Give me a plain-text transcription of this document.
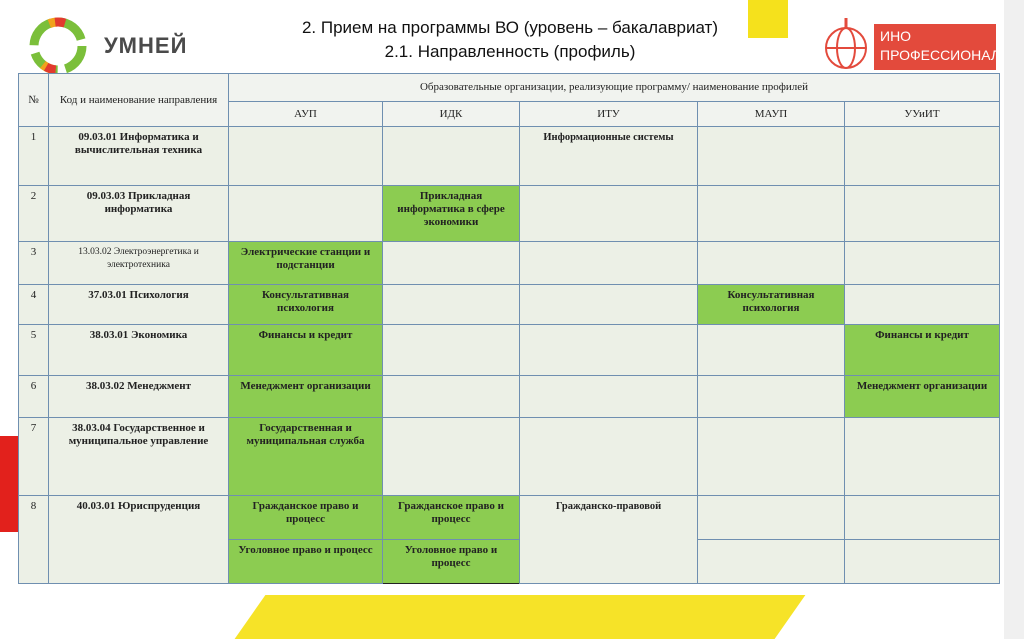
УМНЕЙ	ИНО
ПРОФЕССИОНАЛ
2. Прием на программы ВО (уровень – бакалавриат)
2.1. Направленность (профиль)
№	Код и наименование направления	Образовательные организации, реализующие программу/ наименование профилей				
		АУП	ИДК	ИТУ	МАУП	УУиИТ
1	09.03.01 Информатика и вычислительная техника			Информационные системы		
2	09.03.03 Прикладная информатика		Прикладная информатика в сфере экономики			
3	13.03.02 Электроэнергетика и электротехника	Электрические станции и подстанции				
4	37.03.01 Психология	Консультативная психология			Консультативная психология	
5	38.03.01 Экономика	Финансы и кредит				Финансы и кредит
6	38.03.02 Менеджмент	Менеджмент организации				Менеджмент организации
7	38.03.04 Государственное и муниципальное управление	Государственная и муниципальная служба				
8	40.03.01 Юриспруденция	Гражданское право и процесс	Гражданское право и процесс	Гражданско-правовой		
		Уголовное право и процесс	Уголовное право и процесс			
